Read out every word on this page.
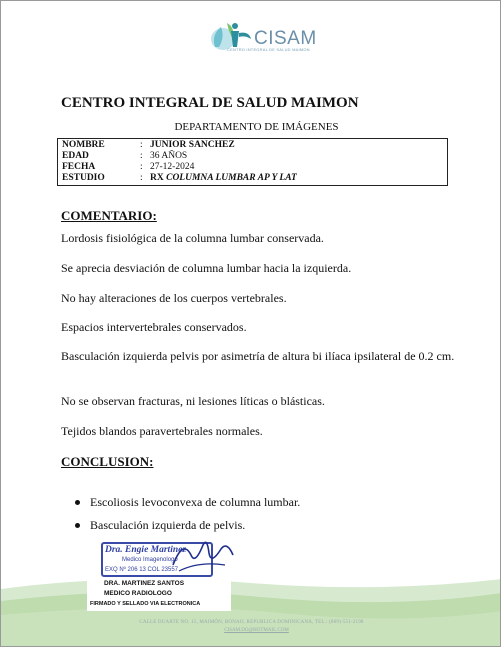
CISAM
CENTRO INTEGRAL DE SALUD MAIMON
CENTRO INTEGRAL DE SALUD MAIMON
DEPARTAMENTO DE IMÁGENES
NOMBRE	: JUNIOR SANCHEZ
EDAD	: 36 AÑOS
FECHA	: 27-12-2024
ESTUDIO	: RX COLUMNA LUMBAR AP Y LAT
COMENTARIO:
Lordosis fisiológica de la columna lumbar conservada.
Se aprecia desviación de columna lumbar hacia la izquierda.
No hay alteraciones de los cuerpos vertebrales.
Espacios intervertebrales conservados.
Basculación izquierda pelvis por asimetría de altura bi ilíaca ipsilateral de 0.2 cm.
No se observan fracturas, ni lesiones líticas o blásticas.
Tejidos blandos paravertebrales normales.
CONCLUSION:
Escoliosis levoconvexa de columna lumbar.
Basculación izquierda de pelvis.
CALLE DUARTE NO. 15, MAIMÓN, BONAO, REPUBLICA DOMINICANA, TEL.: (809)-551-2198
CISAM.DO@HOTMAIL.COM
Dra. Engie Martinez
Medico Imagenologo
EXQ Nº 206 13 COL 23557
DRA. MARTINEZ SANTOS
MEDICO RADIOLOGO
FIRMADO Y SELLADO VIA ELECTRONICA
